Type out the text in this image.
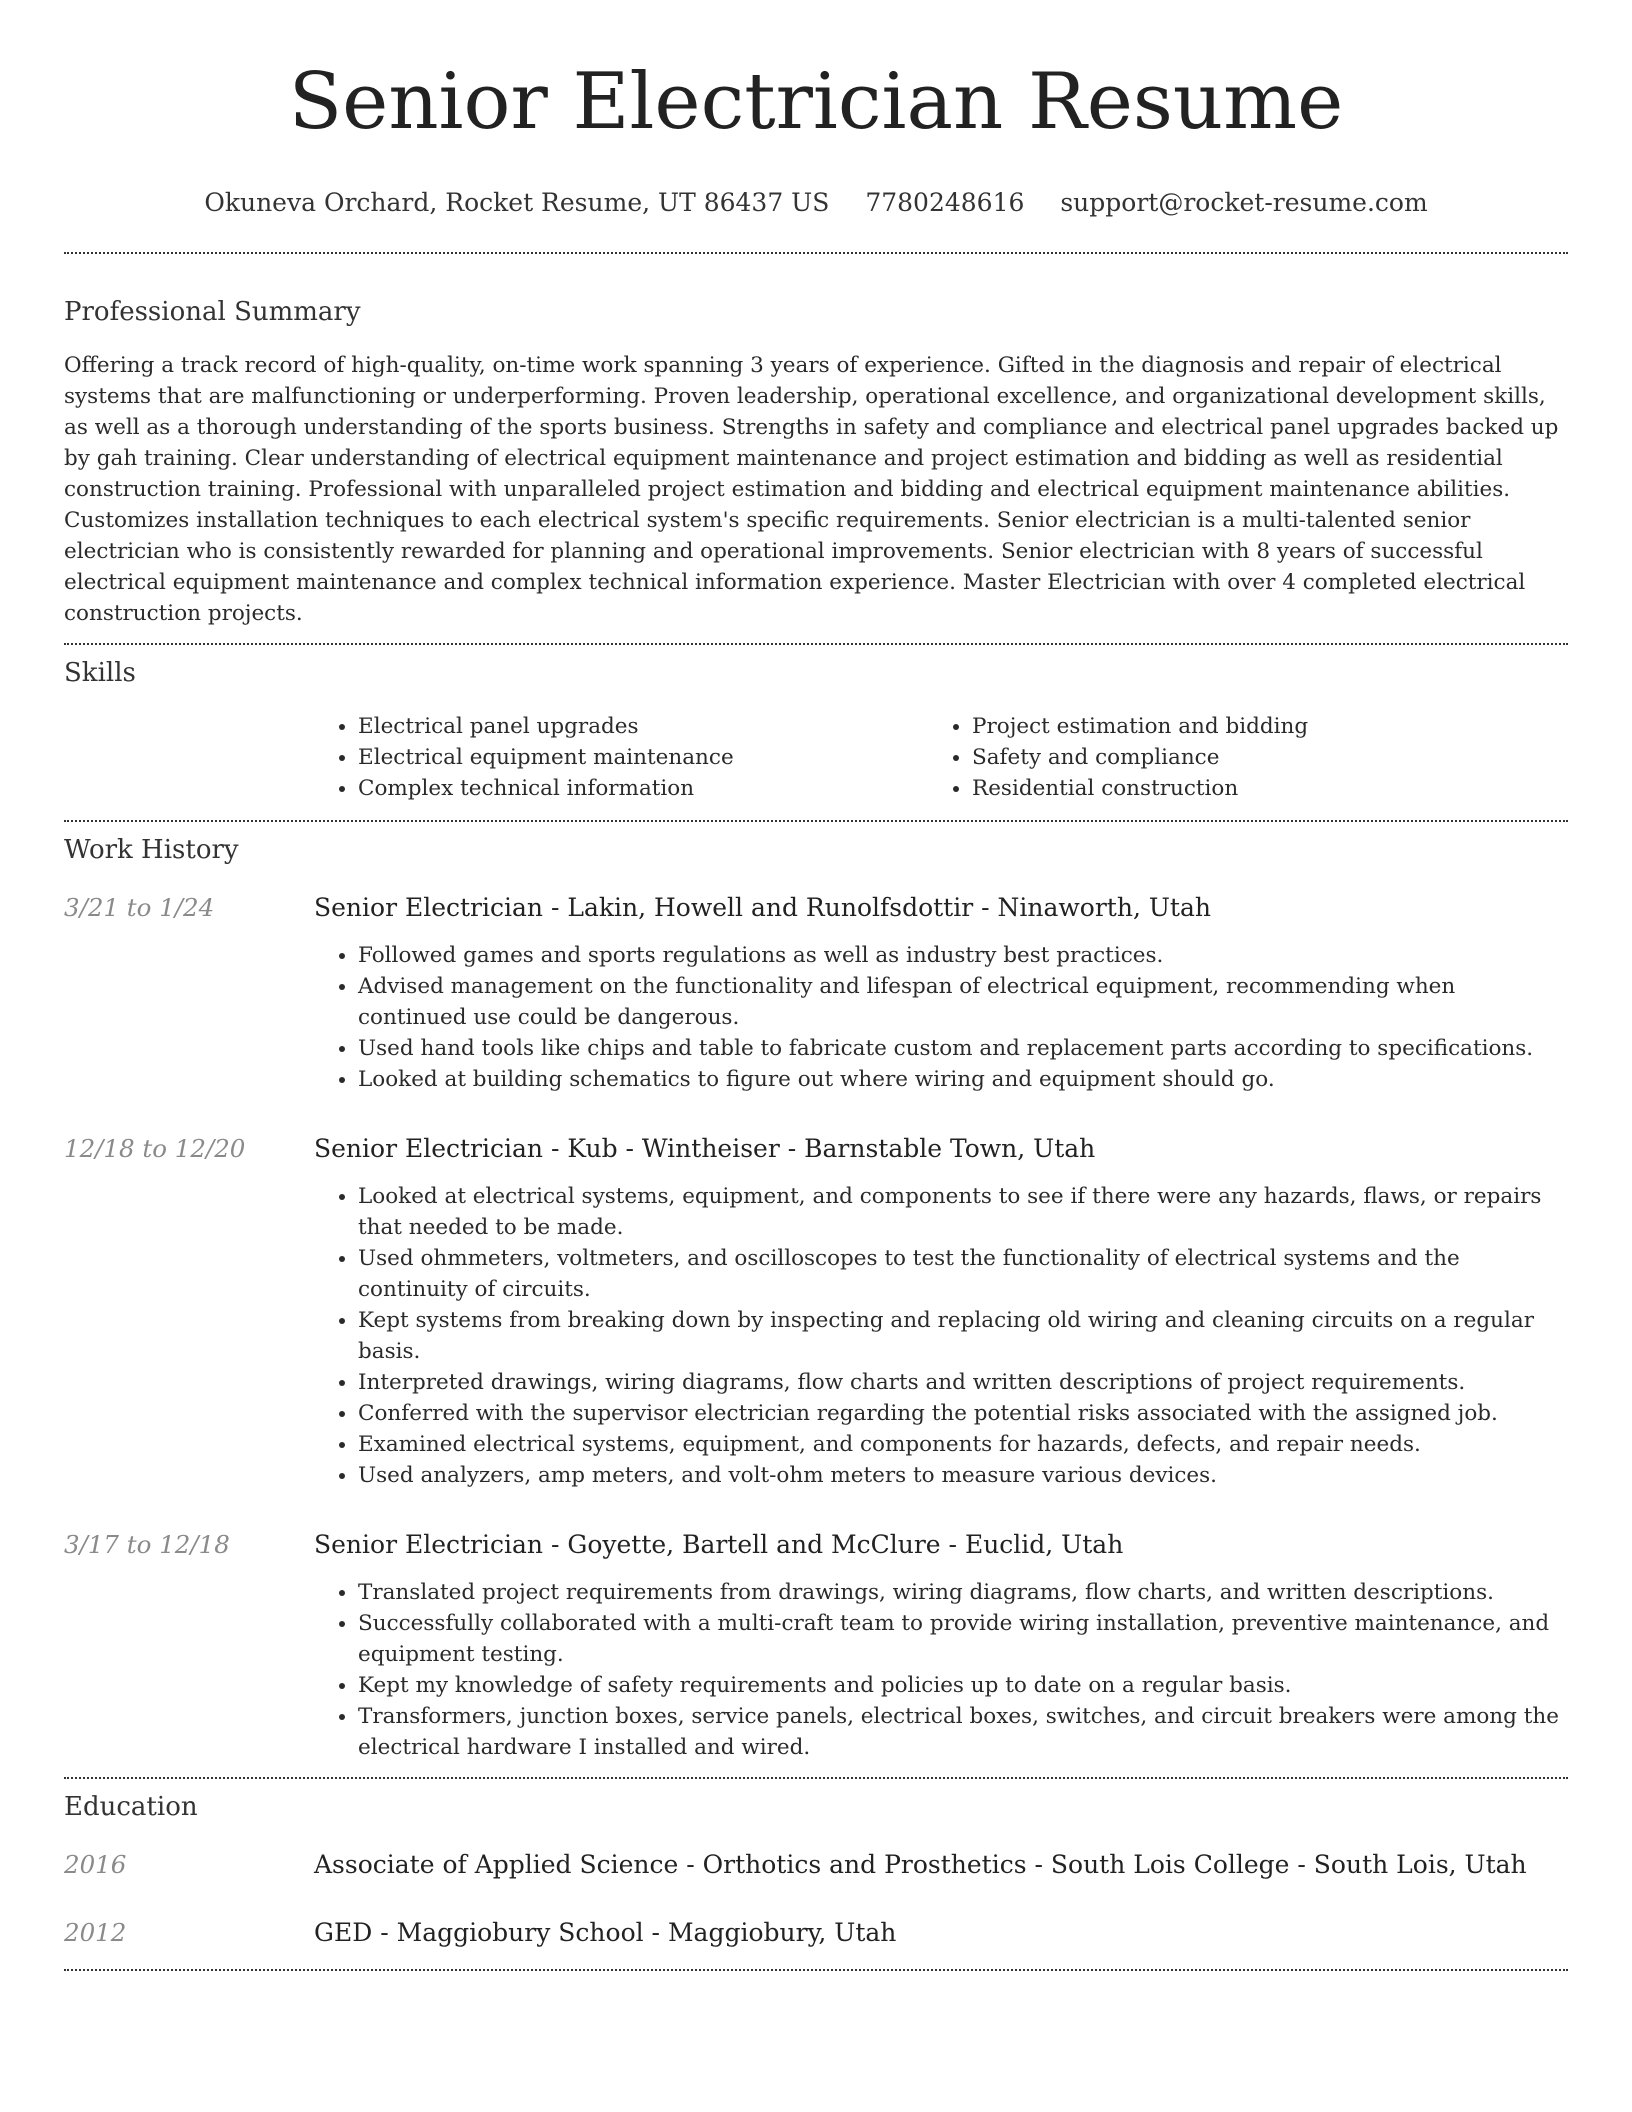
Senior Electrician Resume
Okuneva Orchard, Rocket Resume, UT 86437 US 7780248616 support@rocket-resume.com
Professional Summary

Offering a track record of high-quality, on-time work spanning 3 years of experience. Gifted in the diagnosis and repair of electrical systems that are malfunctioning or underperforming. Proven leadership, operational excellence, and organizational development skills, as well as a thorough understanding of the sports business. Strengths in safety and compliance and electrical panel upgrades backed up by gah training. Clear understanding of electrical equipment maintenance and project estimation and bidding as well as residential construction training. Professional with unparalleled project estimation and bidding and electrical equipment maintenance abilities. Customizes installation techniques to each electrical system's specific requirements. Senior electrician is a multi-talented senior electrician who is consistently rewarded for planning and operational improvements. Senior electrician with 8 years of successful electrical equipment maintenance and complex technical information experience. Master Electrician with over 4 completed electrical construction projects.

Skills
• Electrical panel upgrades
• Electrical equipment maintenance
• Complex technical information
• Project estimation and bidding
• Safety and compliance
• Residential construction
Work History
3/21 to 1/24	Senior Electrician - Lakin, Howell and Runolfsdottir - Ninaworth, Utah
• Followed games and sports regulations as well as industry best practices.
• Advised management on the functionality and lifespan of electrical equipment, recommending when continued use could be dangerous.
• Used hand tools like chips and table to fabricate custom and replacement parts according to specifications.
• Looked at building schematics to figure out where wiring and equipment should go.
12/18 to 12/20	Senior Electrician - Kub - Wintheiser - Barnstable Town, Utah
• Looked at electrical systems, equipment, and components to see if there were any hazards, flaws, or repairs that needed to be made.
• Used ohmmeters, voltmeters, and oscilloscopes to test the functionality of electrical systems and the continuity of circuits.
• Kept systems from breaking down by inspecting and replacing old wiring and cleaning circuits on a regular basis.
• Interpreted drawings, wiring diagrams, flow charts and written descriptions of project requirements.
• Conferred with the supervisor electrician regarding the potential risks associated with the assigned job.
• Examined electrical systems, equipment, and components for hazards, defects, and repair needs.
• Used analyzers, amp meters, and volt-ohm meters to measure various devices.
3/17 to 12/18	Senior Electrician - Goyette, Bartell and McClure - Euclid, Utah
• Translated project requirements from drawings, wiring diagrams, flow charts, and written descriptions.
• Successfully collaborated with a multi-craft team to provide wiring installation, preventive maintenance, and equipment testing.
• Kept my knowledge of safety requirements and policies up to date on a regular basis.
• Transformers, junction boxes, service panels, electrical boxes, switches, and circuit breakers were among the electrical hardware I installed and wired.
Education
2016	Associate of Applied Science - Orthotics and Prosthetics - South Lois College - South Lois, Utah
2012	GED - Maggiobury School - Maggiobury, Utah
